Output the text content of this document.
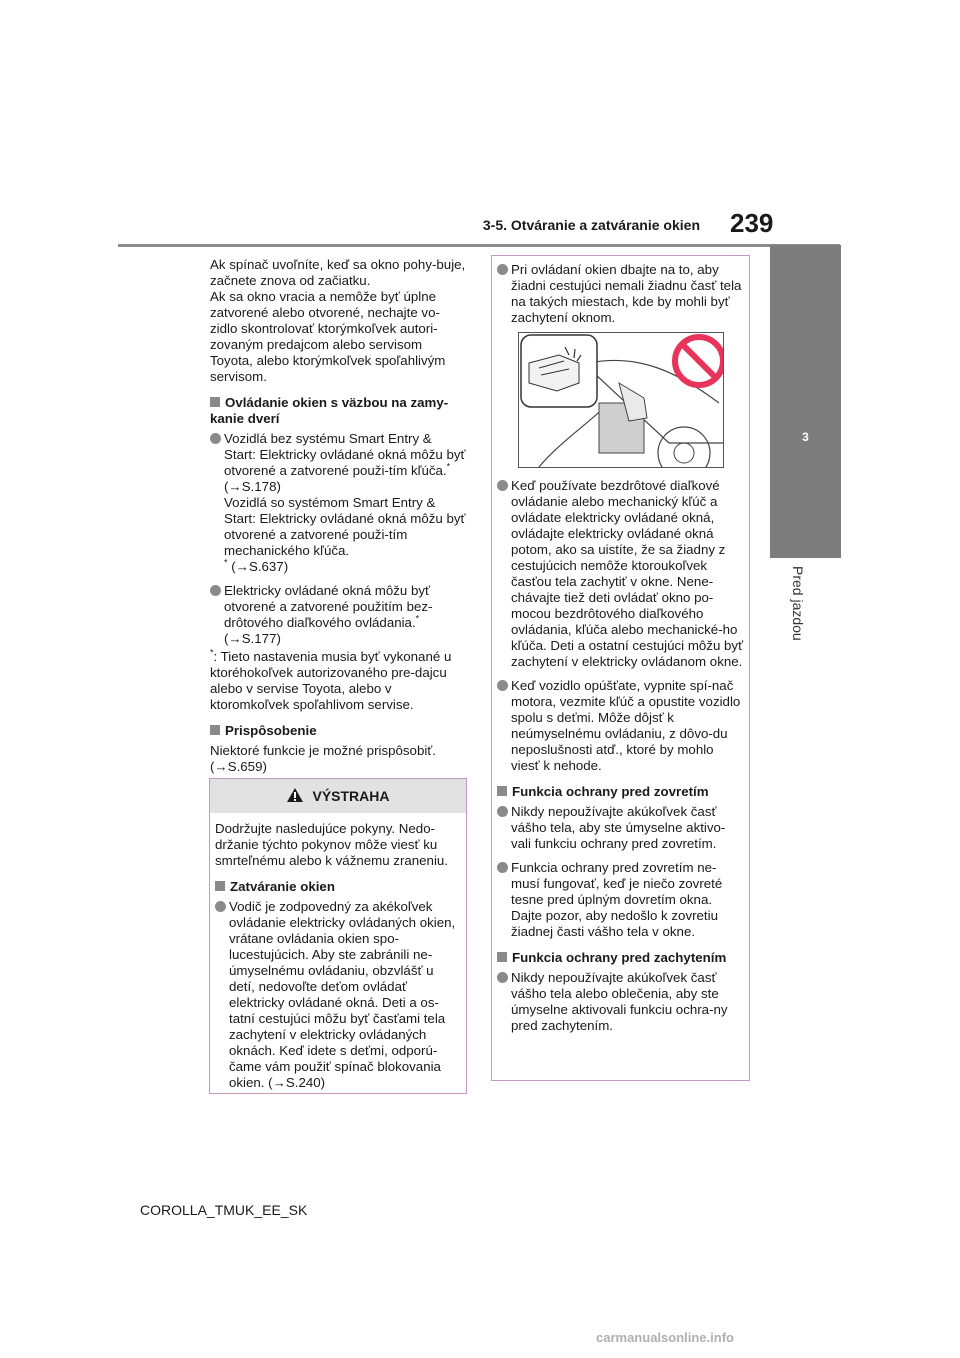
3-5. Otváranie a zatváranie okien 239
3
Pred jazdou

Ak spínač uvoľníte, keď sa okno pohy-buje, začnete znova od začiatku.

Ak sa okno vracia a nemôže byť úplne zatvorené alebo otvorené, nechajte vo-zidlo skontrolovať ktorýmkoľvek autori-zovaným predajcom alebo servisom Toyota, alebo ktorýmkoľvek spoľahlivým servisom.

Ovládanie okien s väzbou na zamy-kanie dverí
Vozidlá bez systému Smart Entry & Start: Elektricky ovládané okná môžu byť otvorené a zatvorené použi-tím kľúča.* (→S.178)
Vozidlá so systémom Smart Entry & Start: Elektricky ovládané okná môžu byť otvorené a zatvorené použi-tím mechanického kľúča.
* (→S.637)
Elektricky ovládané okná môžu byť otvorené a zatvorené použitím bez-drôtového diaľkového ovládania.*
(→S.177)
*: Tieto nastavenia musia byť vykonané u ktoréhokoľvek autorizovaného pre-dajcu alebo v servise Toyota, alebo v ktoromkoľvek spoľahlivom servise.
Prispôsobenie

Niektoré funkcie je možné prispôsobiť.

(→S.659)

VÝSTRAHA

Dodržujte nasledujúce pokyny. Nedo-držanie týchto pokynov môže viesť ku smrteľnému alebo k vážnemu zraneniu.

Zatváranie okien
Vodič je zodpovedný za akékoľvek ovládanie elektricky ovládaných okien, vrátane ovládania okien spo-lucestujúcich. Aby ste zabránili ne-úmyselnému ovládaniu, obzvlášť u detí, nedovoľte deťom ovládať elektricky ovládané okná. Deti a os-tatní cestujúci môžu byť časťami tela zachytení v elektricky ovládaných oknách. Keď idete s deťmi, odporú-čame vám použiť spínač blokovania okien. (→S.240)
Pri ovládaní okien dbajte na to, aby žiadni cestujúci nemali žiadnu časť tela na takých miestach, kde by mohli byť zachytení oknom.
Keď používate bezdrôtové diaľkové ovládanie alebo mechanický kľúč a ovládate elektricky ovládané okná, ovládajte elektricky ovládané okná potom, ako sa uistíte, že sa žiadny z cestujúcich nemôže ktoroukoľvek časťou tela zachytiť v okne. Nene-chávajte tiež deti ovládať okno po-mocou bezdrôtového diaľkového ovládania, kľúča alebo mechanické-ho kľúča. Deti a ostatní cestujúci môžu byť zachytení v elektricky ovládanom okne.
Keď vozidlo opúšťate, vypnite spí-nač motora, vezmite kľúč a opustite vozidlo spolu s deťmi. Môže dôjsť k neúmyselnému ovládaniu, z dôvo-du neposlušnosti atď., ktoré by mohlo viesť k nehode.
Funkcia ochrany pred zovretím
Nikdy nepoužívajte akúkoľvek časť vášho tela, aby ste úmyselne aktivo-vali funkciu ochrany pred zovretím.
Funkcia ochrany pred zovretím ne-musí fungovať, keď je niečo zovreté tesne pred úplným dovretím okna. Dajte pozor, aby nedošlo k zovretiu žiadnej časti vášho tela v okne.
Funkcia ochrany pred zachytením
Nikdy nepoužívajte akúkoľvek časť vášho tela alebo oblečenia, aby ste úmyselne aktivovali funkciu ochra-ny pred zachytením.
COROLLA_TMUK_EE_SK
carmanualsonline.info
